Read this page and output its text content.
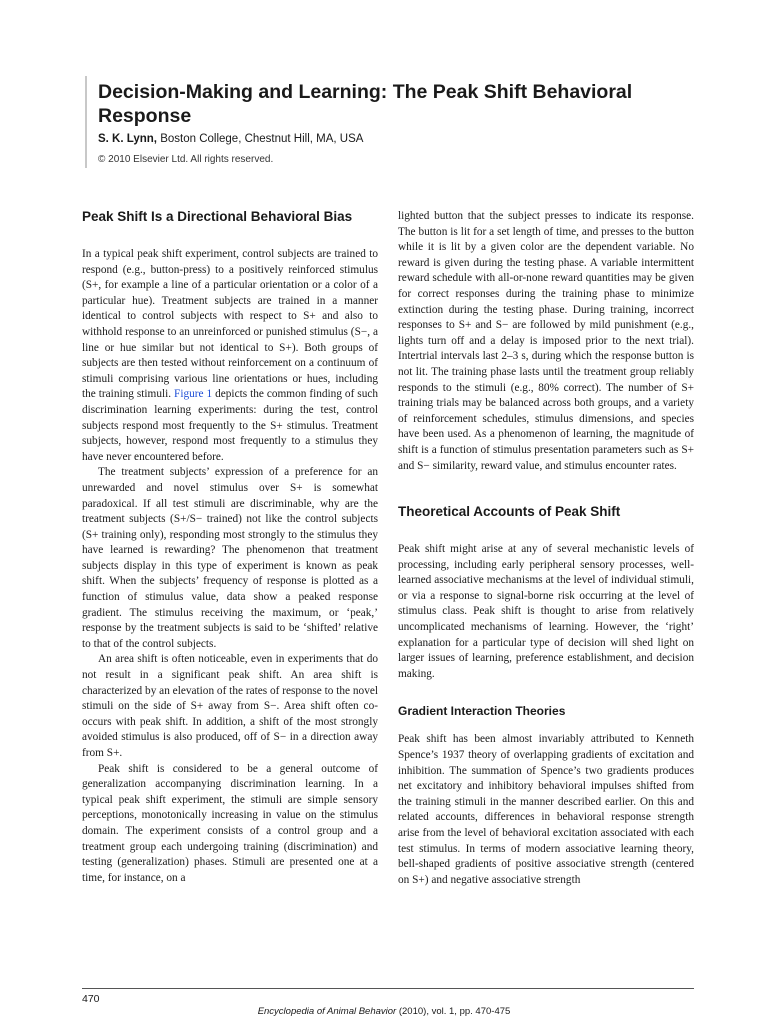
Decision-Making and Learning: The Peak Shift Behavioral Response
S. K. Lynn, Boston College, Chestnut Hill, MA, USA
© 2010 Elsevier Ltd. All rights reserved.
Peak Shift Is a Directional Behavioral Bias

In a typical peak shift experiment, control subjects are trained to respond (e.g., button-press) to a positively reinforced stimulus (S+, for example a line of a particular orientation or a color of a particular hue). Treatment subjects are trained in a manner identical to control subjects with respect to S+ and also to withhold response to an unreinforced or punished stimulus (S−, a line or hue similar but not identical to S+). Both groups of subjects are then tested without reinforcement on a continuum of stimuli comprising various line orientations or hues, including the training stimuli. Figure 1 depicts the common finding of such discrimination learning experiments: during the test, control subjects respond most frequently to the S+ stimulus. Treatment subjects, however, respond most frequently to a stimulus they have never encountered before.

The treatment subjects’ expression of a preference for an unrewarded and novel stimulus over S+ is somewhat paradoxical. If all test stimuli are discriminable, why are the treatment subjects (S+/S− trained) not like the control subjects (S+ training only), responding most strongly to the stimulus they have learned is rewarding? The phenomenon that treatment subjects display in this type of experiment is known as peak shift. When the subjects’ frequency of response is plotted as a function of stimulus value, data show a peaked response gradient. The stimulus receiving the maximum, or ‘peak,’ response by the treatment subjects is said to be ‘shifted’ relative to that of the control subjects.

An area shift is often noticeable, even in experiments that do not result in a significant peak shift. An area shift is characterized by an elevation of the rates of response to the novel stimuli on the side of S+ away from S−. Area shift often co-occurs with peak shift. In addition, a shift of the most strongly avoided stimulus is also produced, off of S− in a direction away from S+.

Peak shift is considered to be a general outcome of generalization accompanying discrimination learning. In a typical peak shift experiment, the stimuli are simple sensory perceptions, monotonically increasing in value on the stimulus domain. The experiment consists of a control group and a treatment group each undergoing training (discrimination) and testing (generalization) phases. Stimuli are presented one at a time, for instance, on a

lighted button that the subject presses to indicate its response. The button is lit for a set length of time, and presses to the button while it is lit by a given color are the dependent variable. No reward is given during the testing phase. A variable intermittent reward schedule with all-or-none reward quantities may be given for correct responses during the training phase to minimize extinction during the testing phase. During training, incorrect responses to S+ and S− are followed by mild punishment (e.g., lights turn off and a delay is imposed prior to the next trial). Intertrial intervals last 2–3 s, during which the response button is not lit. The training phase lasts until the treatment group reliably responds to the stimuli (e.g., 80% correct). The number of S+ training trials may be balanced across both groups, and a variety of reinforcement schedules, stimulus dimensions, and species have been used. As a phenomenon of learning, the magnitude of shift is a function of stimulus presentation parameters such as S+ and S− similarity, reward value, and stimulus encounter rates.

Theoretical Accounts of Peak Shift

Peak shift might arise at any of several mechanistic levels of processing, including early peripheral sensory processes, well-learned associative mechanisms at the level of individual stimuli, or via a response to signal-borne risk occurring at the level of stimulus class. Peak shift is thought to arise from relatively uncomplicated mechanisms of learning. However, the ‘right’ explanation for a particular type of decision will shed light on larger issues of learning, preference establishment, and decision making.

Gradient Interaction Theories

Peak shift has been almost invariably attributed to Kenneth Spence’s 1937 theory of overlapping gradients of excitation and inhibition. The summation of Spence’s two gradients produces net excitatory and inhibitory behavioral impulses shifted from the training stimuli in the manner described earlier. On this and related accounts, differences in behavioral response strength arise from the level of behavioral excitation associated with each test stimulus. In terms of modern associative learning theory, bell-shaped gradients of positive associative strength (centered on S+) and negative associative strength

470
Encyclopedia of Animal Behavior (2010), vol. 1, pp. 470-475
